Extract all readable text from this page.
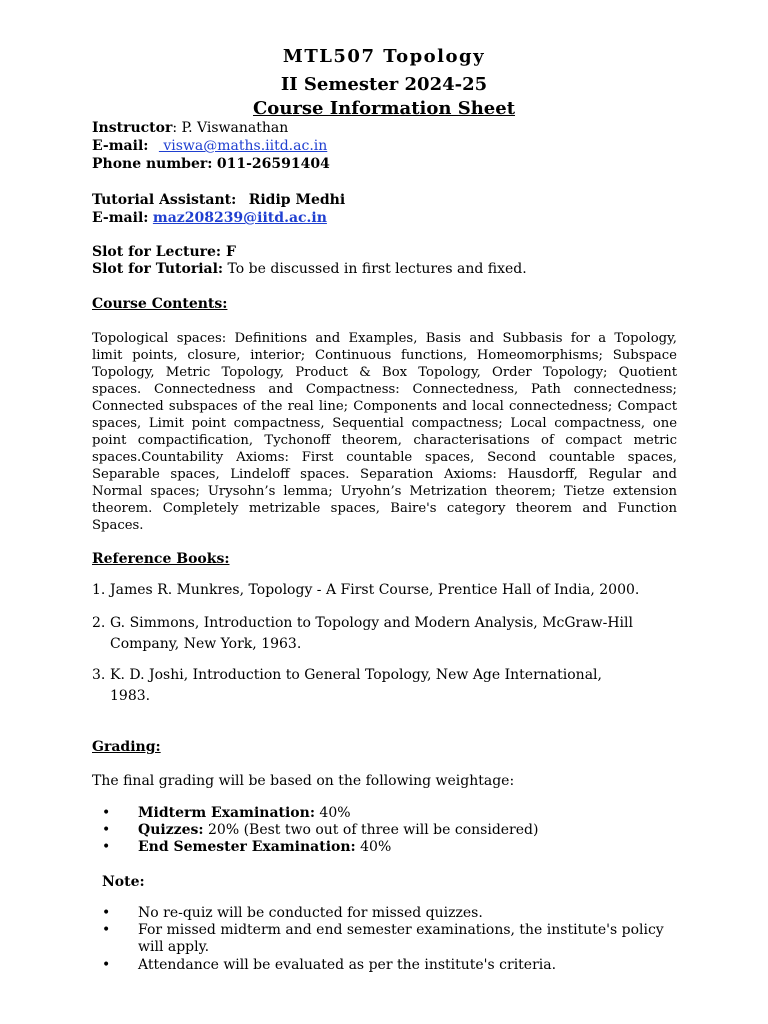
MTL507 Topology
II Semester 2024-25
Course Information Sheet
Instructor: P. Viswanathan
E-mail:  viswa@maths.iitd.ac.in
Phone number: 011-26591404
Tutorial Assistant: Ridip Medhi
E-mail: maz208239@iitd.ac.in
Slot for Lecture: F
Slot for Tutorial: To be discussed in first lectures and fixed.
Course Contents:
Topological spaces: Definitions and Examples, Basis and Subbasis for a Topology,
limit points, closure, interior; Continuous functions, Homeomorphisms; Subspace
Topology, Metric Topology, Product & Box Topology, Order Topology; Quotient
spaces. Connectedness and Compactness: Connectedness, Path connectedness;
Connected subspaces of the real line; Components and local connectedness; Compact
spaces, Limit point compactness, Sequential compactness; Local compactness, one
point compactification, Tychonoff theorem, characterisations of compact metric
spaces.Countability Axioms: First countable spaces, Second countable spaces,
Separable spaces, Lindeloff spaces. Separation Axioms: Hausdorff, Regular and
Normal spaces; Urysohn’s lemma; Uryohn’s Metrization theorem; Tietze extension
theorem. Completely metrizable spaces, Baire's category theorem and Function
Spaces.
Reference Books:
1. James R. Munkres, Topology - A First Course, Prentice Hall of India, 2000.
2. G. Simmons, Introduction to Topology and Modern Analysis, McGraw-Hill
Company, New York, 1963.
3. K. D. Joshi, Introduction to General Topology, New Age International,
1983.
Grading:
The final grading will be based on the following weightage:
• Midterm Examination: 40%
• Quizzes: 20% (Best two out of three will be considered)
• End Semester Examination: 40%
Note:
• No re-quiz will be conducted for missed quizzes.
• For missed midterm and end semester examinations, the institute's policy will apply.
• Attendance will be evaluated as per the institute's criteria.
